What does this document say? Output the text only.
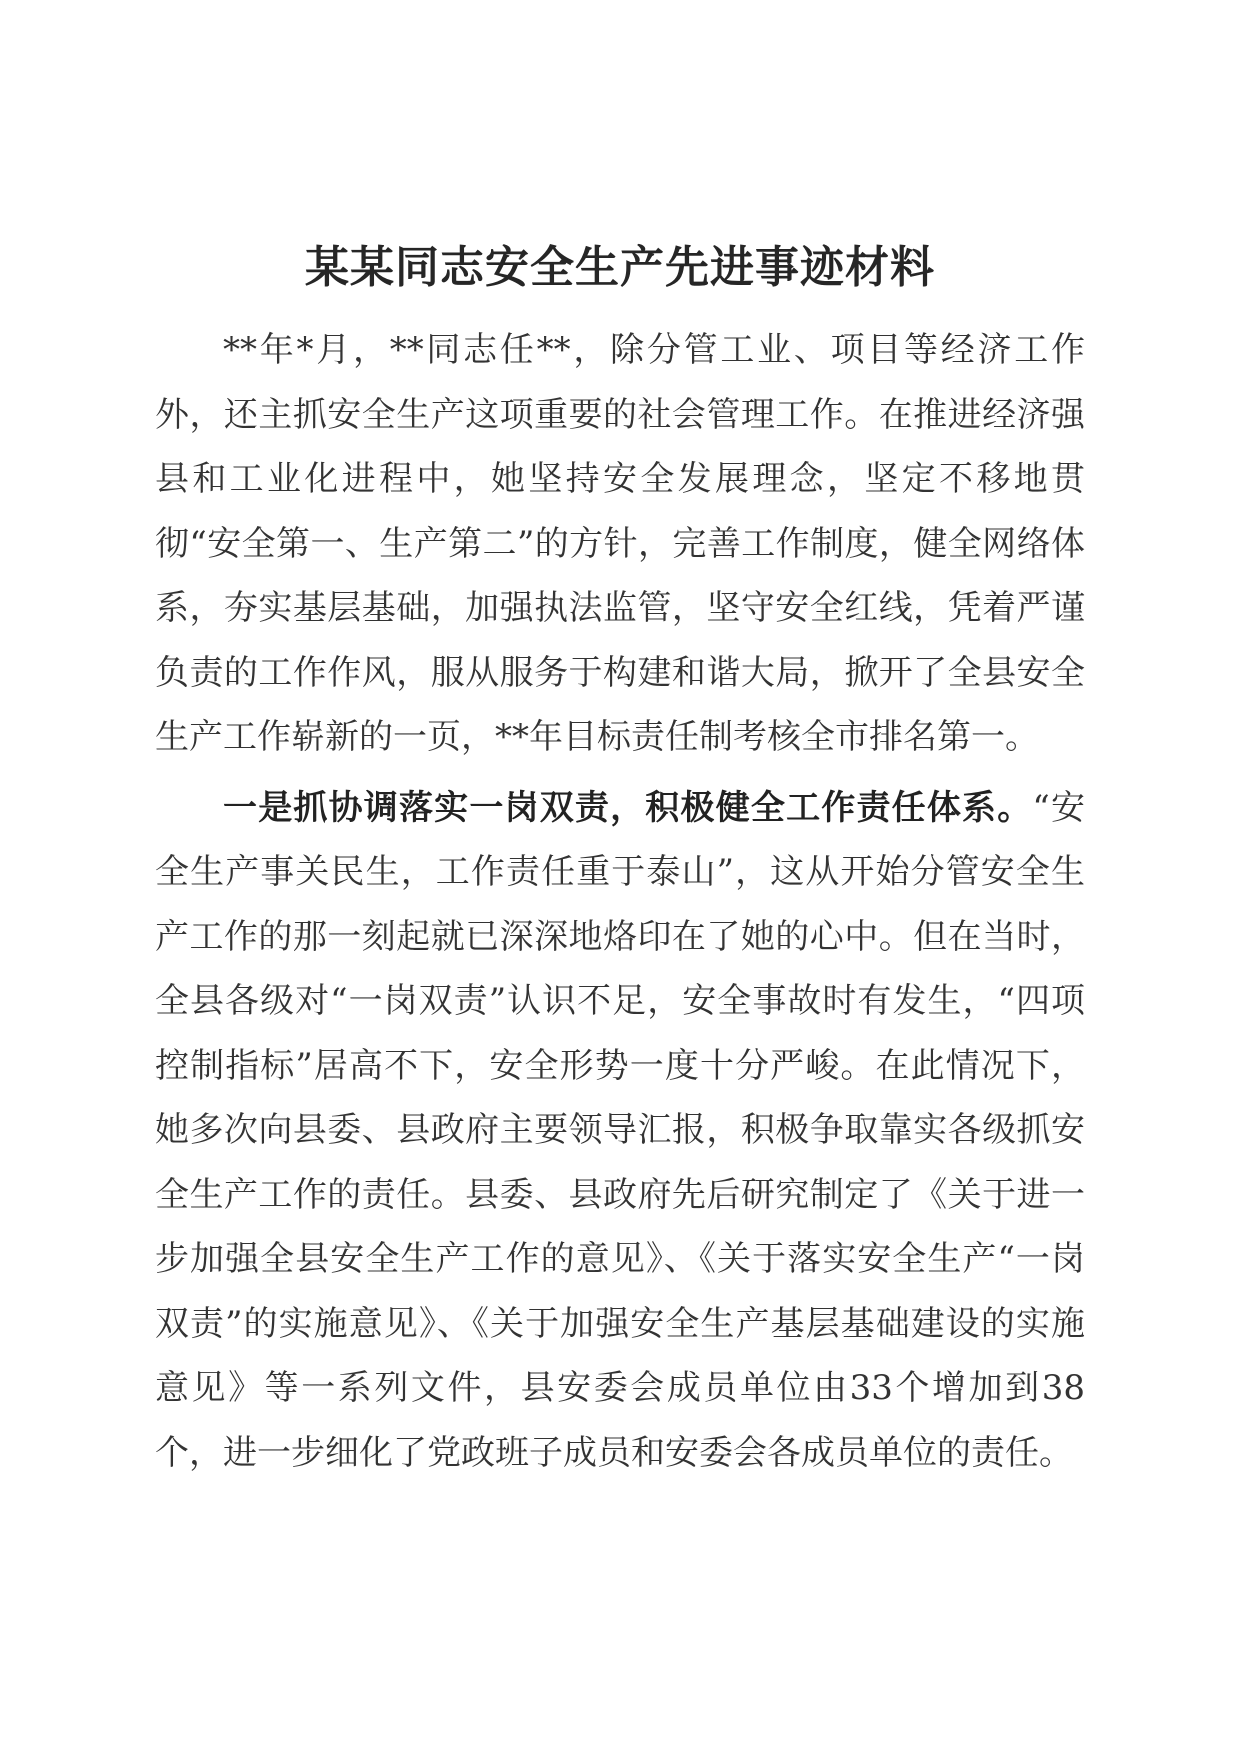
某某同志安全生产先进事迹材料

**年*月，**同志任**，除分管工业、项目等经济工作外，还主抓安全生产这项重要的社会管理工作。在推进经济强县和工业化进程中，她坚持安全发展理念，坚定不移地贯彻“安全第一、生产第二”的方针，完善工作制度，健全网络体系，夯实基层基础，加强执法监管，坚守安全红线，凭着严谨负责的工作作风，服从服务于构建和谐大局，掀开了全县安全生产工作崭新的一页，**年目标责任制考核全市排名第一。

一是抓协调落实一岗双责，积极健全工作责任体系。“安全生产事关民生，工作责任重于泰山”，这从开始分管安全生产工作的那一刻起就已深深地烙印在了她的心中。但在当时，全县各级对“一岗双责”认识不足，安全事故时有发生，“四项控制指标”居高不下，安全形势一度十分严峻。在此情况下，她多次向县委、县政府主要领导汇报，积极争取靠实各级抓安全生产工作的责任。县委、县政府先后研究制定了《关于进一步加强全县安全生产工作的意见》、《关于落实安全生产“一岗双责”的实施意见》、《关于加强安全生产基层基础建设的实施意见》等一系列文件，县安委会成员单位由33个增加到38个，进一步细化了党政班子成员和安委会各成员单位的责任。
